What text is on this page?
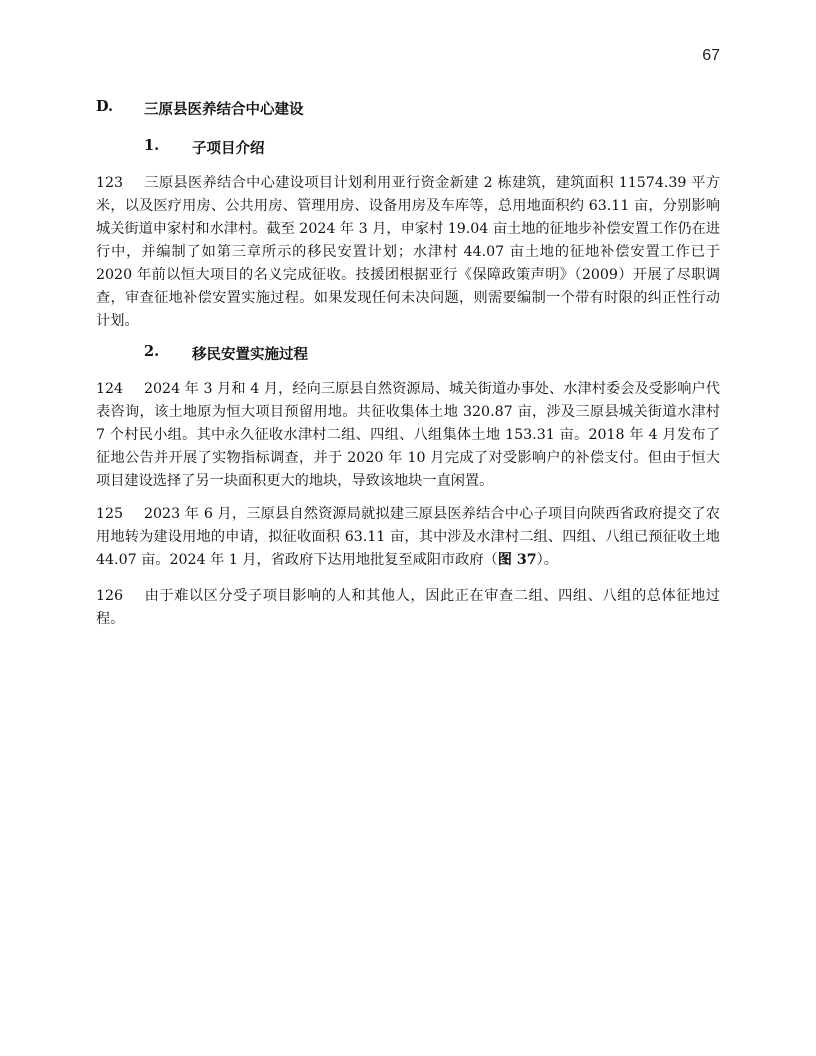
67
D. 三原县医养结合中心建设
1. 子项目介绍

123 三原县医养结合中心建设项目计划利用亚行资金新建 2 栋建筑，建筑面积 11574.39 平方米，以及医疗用房、公共用房、管理用房、设备用房及车库等，总用地面积约 63.11 亩，分别影响城关街道申家村和水津村。截至 2024 年 3 月，申家村 19.04 亩土地的征地步补偿安置工作仍在进行中，并编制了如第三章所示的移民安置计划；水津村 44.07 亩土地的征地补偿安置工作已于 2020 年前以恒大项目的名义完成征收。技援团根据亚行《保障政策声明》（2009）开展了尽职调查，审查征地补偿安置实施过程。如果发现任何未决问题，则需要编制一个带有时限的纠正性行动计划。

2. 移民安置实施过程

124 2024 年 3 月和 4 月，经向三原县自然资源局、城关街道办事处、水津村委会及受影响户代表咨询，该土地原为恒大项目预留用地。共征收集体土地 320.87 亩，涉及三原县城关街道水津村 7 个村民小组。其中永久征收水津村二组、四组、八组集体土地 153.31 亩。2018 年 4 月发布了征地公告并开展了实物指标调查，并于 2020 年 10 月完成了对受影响户的补偿支付。但由于恒大项目建设选择了另一块面积更大的地块，导致该地块一直闲置。

125 2023 年 6 月，三原县自然资源局就拟建三原县医养结合中心子项目向陕西省政府提交了农用地转为建设用地的申请，拟征收面积 63.11 亩，其中涉及水津村二组、四组、八组已预征收土地 44.07 亩。2024 年 1 月，省政府下达用地批复至咸阳市政府（图 37）。

126 由于难以区分受子项目影响的人和其他人，因此正在审查二组、四组、八组的总体征地过程。
